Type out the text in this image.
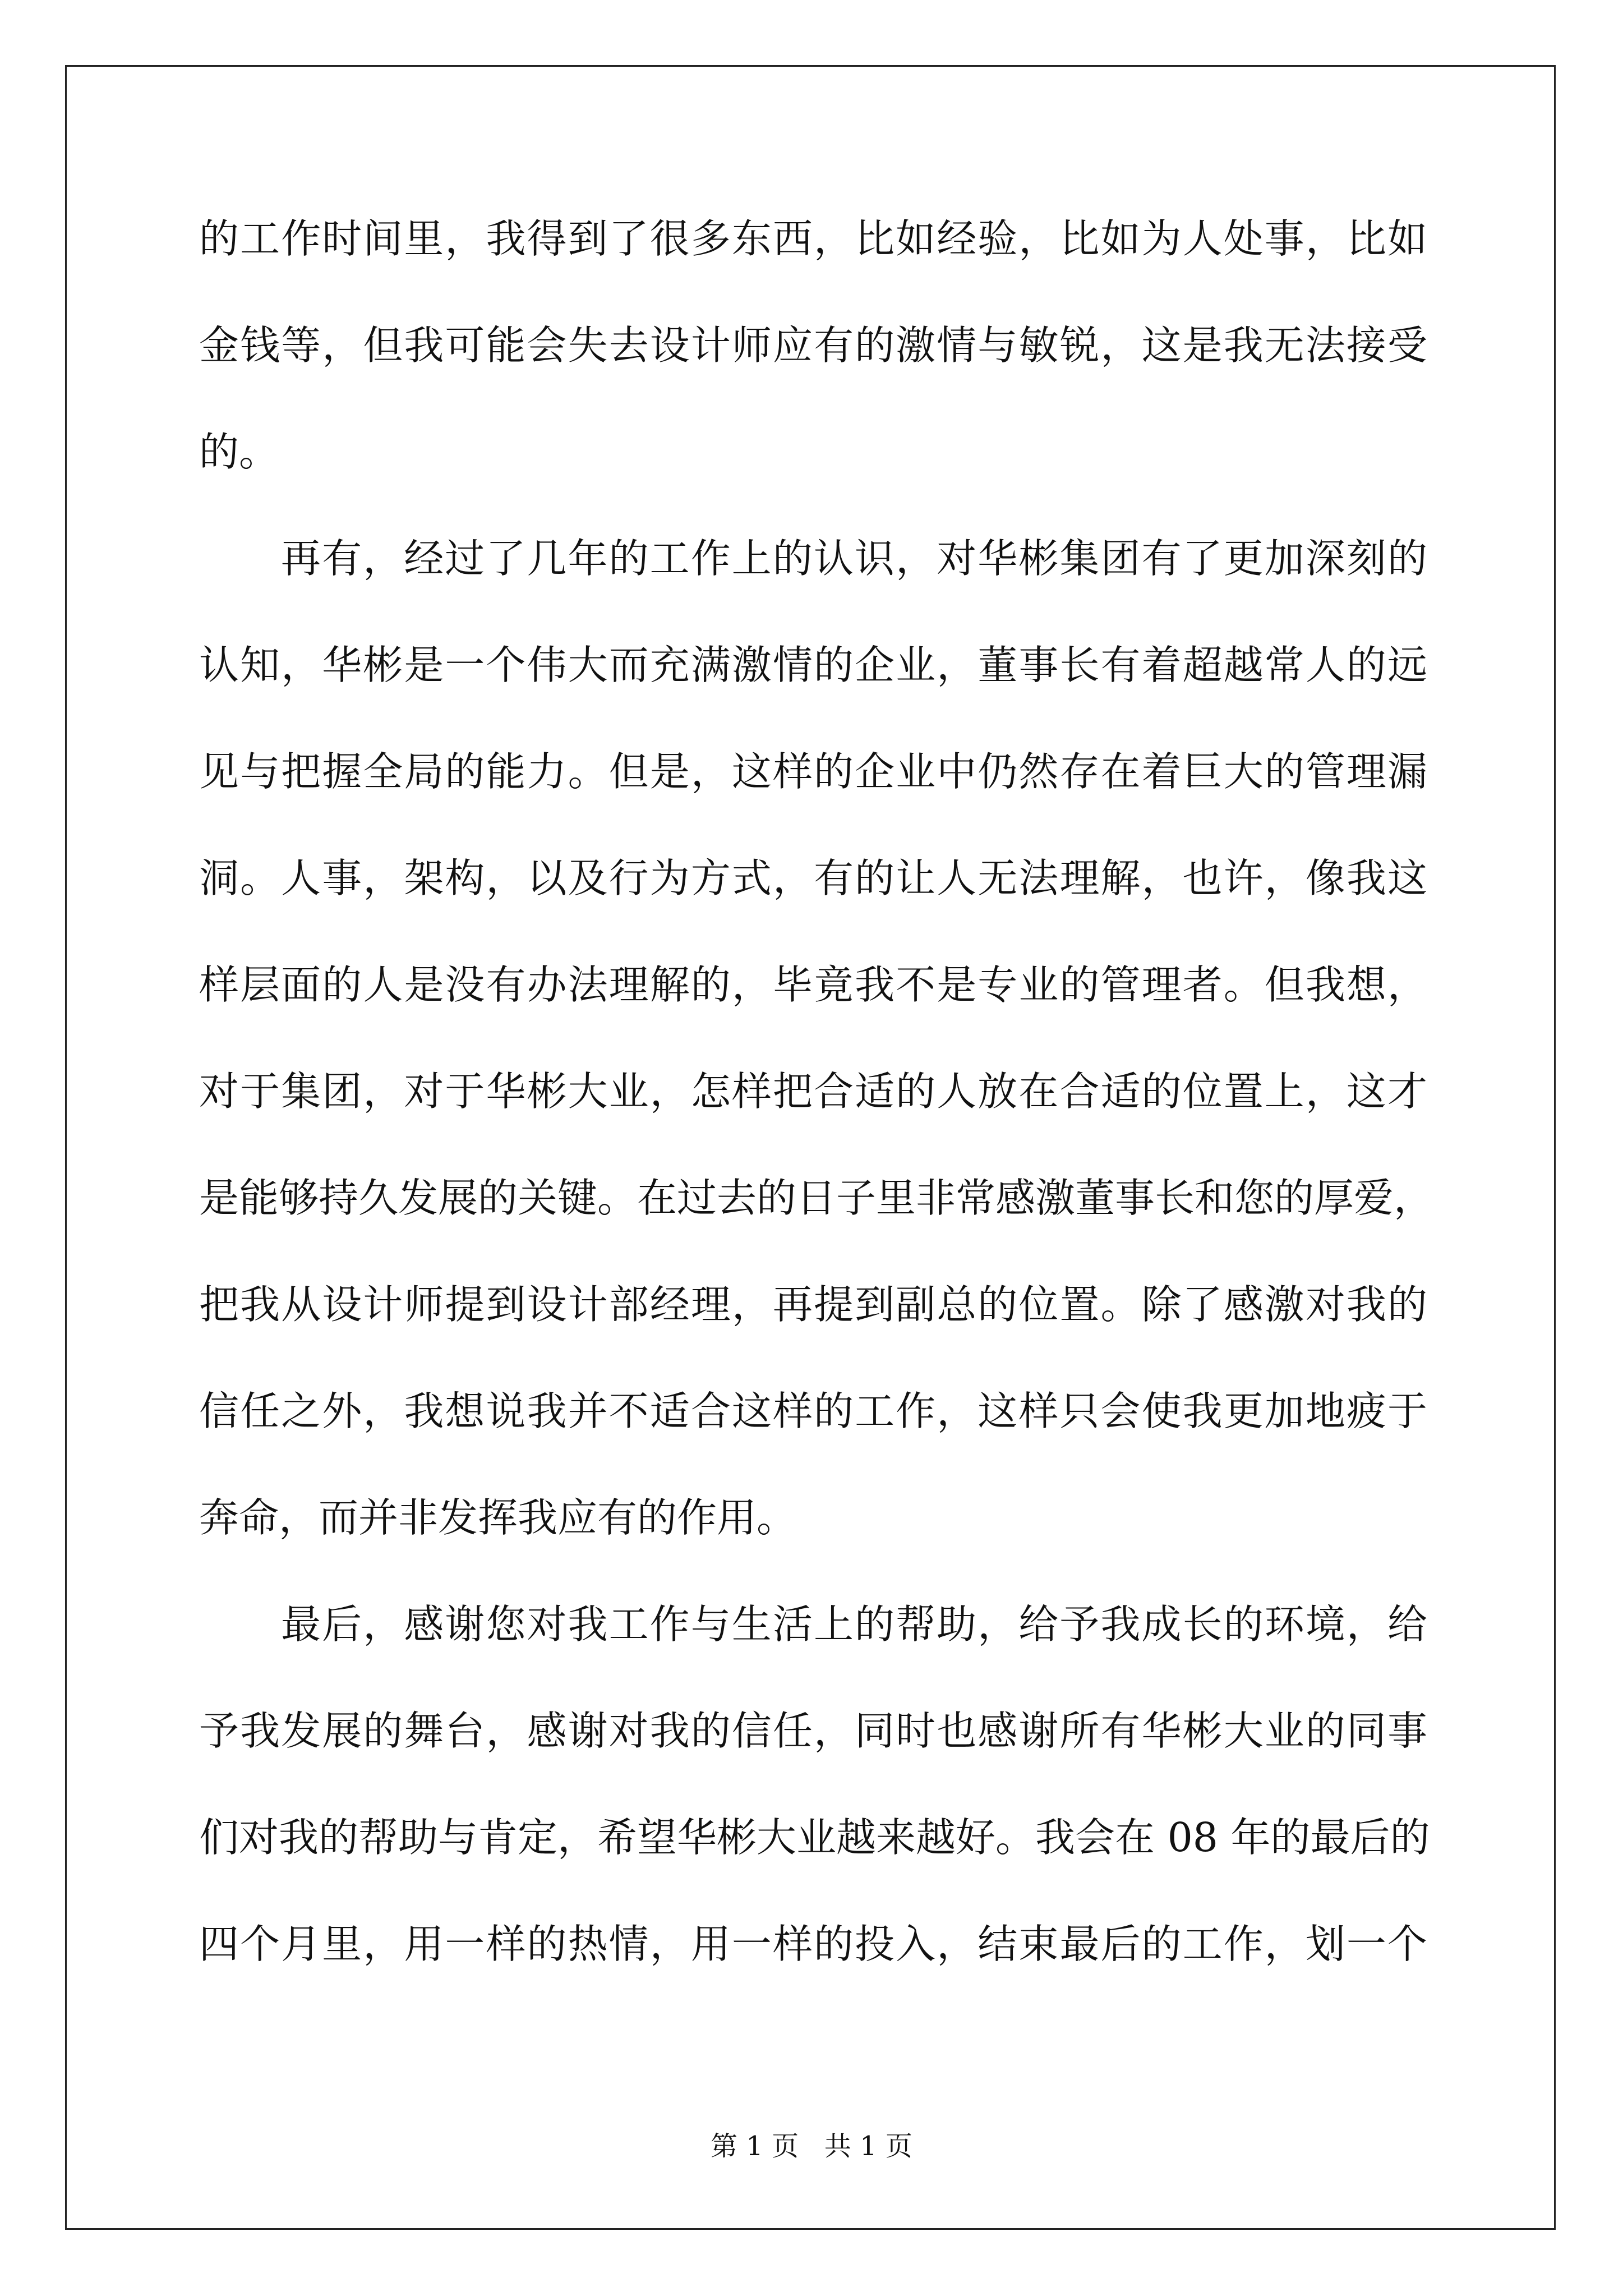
的工作时间里，我得到了很多东西，比如经验，比如为人处事，比如
金钱等，但我可能会失去设计师应有的激情与敏锐，这是我无法接受
的。
再有，经过了几年的工作上的认识，对华彬集团有了更加深刻的
认知，华彬是一个伟大而充满激情的企业，董事长有着超越常人的远
见与把握全局的能力。但是，这样的企业中仍然存在着巨大的管理漏
洞。人事，架构，以及行为方式，有的让人无法理解，也许，像我这
样层面的人是没有办法理解的，毕竟我不是专业的管理者。但我想，
对于集团，对于华彬大业，怎样把合适的人放在合适的位置上，这才
是能够持久发展的关键。在过去的日子里非常感激董事长和您的厚爱，
把我从设计师提到设计部经理，再提到副总的位置。除了感激对我的
信任之外，我想说我并不适合这样的工作，这样只会使我更加地疲于
奔命，而并非发挥我应有的作用。
最后，感谢您对我工作与生活上的帮助，给予我成长的环境，给
予我发展的舞台，感谢对我的信任，同时也感谢所有华彬大业的同事
们对我的帮助与肯定，希望华彬大业越来越好。我会在 08 年的最后的
四个月里，用一样的热情，用一样的投入，结束最后的工作，划一个
第 1 页   共 1 页
